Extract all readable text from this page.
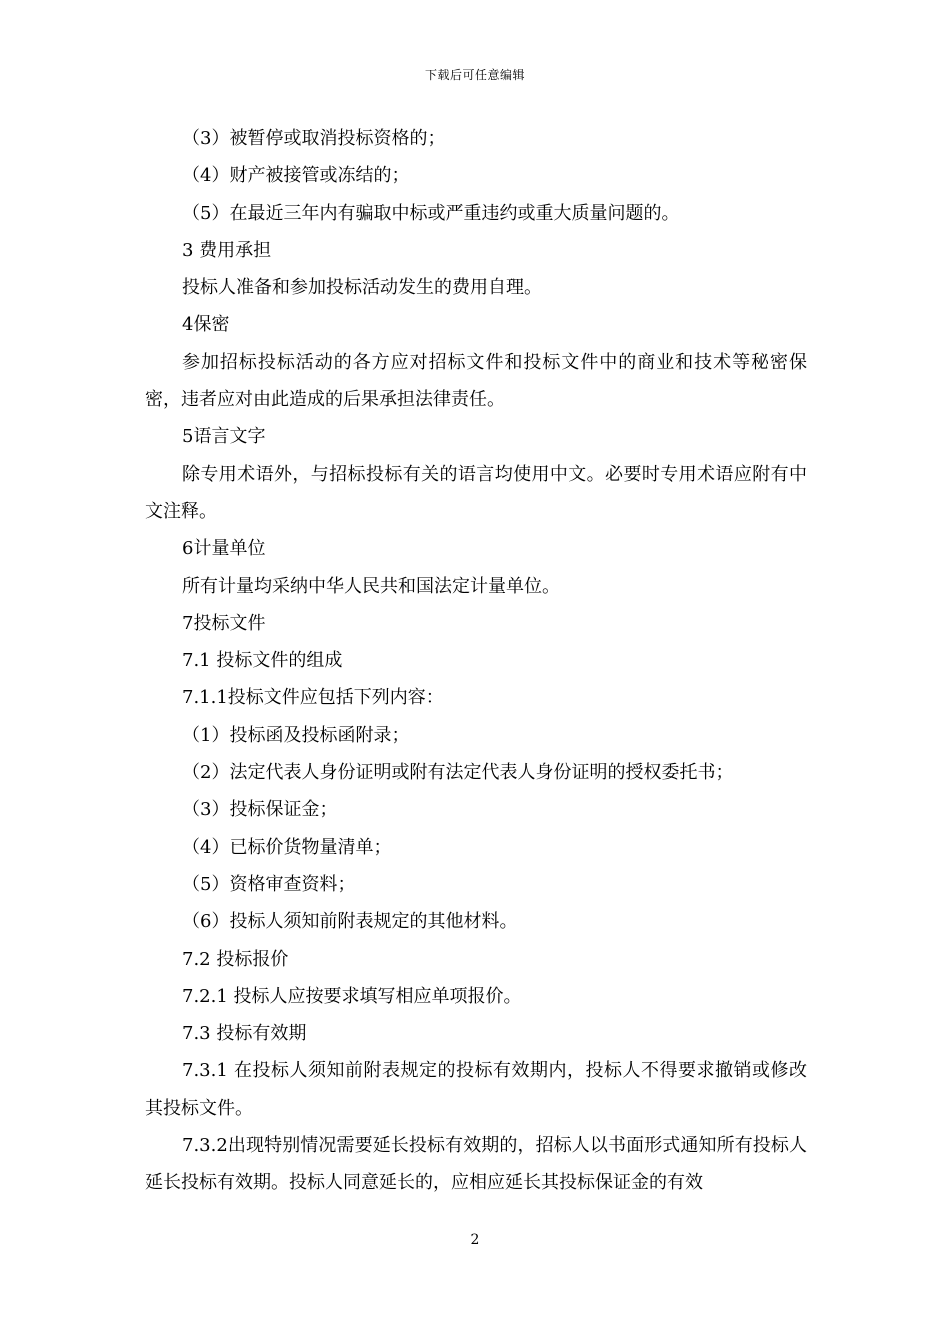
下载后可任意编辑

（3）被暂停或取消投标资格的；

（4）财产被接管或冻结的；

（5）在最近三年内有骗取中标或严重违约或重大质量问题的。

3 费用承担

投标人准备和参加投标活动发生的费用自理。

4保密

参加招标投标活动的各方应对招标文件和投标文件中的商业和技术等秘密保密，违者应对由此造成的后果承担法律责任。

5语言文字

除专用术语外，与招标投标有关的语言均使用中文。必要时专用术语应附有中文注释。

6计量单位

所有计量均采纳中华人民共和国法定计量单位。

7投标文件

7.1 投标文件的组成

7.1.1投标文件应包括下列内容：

（1）投标函及投标函附录；

（2）法定代表人身份证明或附有法定代表人身份证明的授权委托书；

（3）投标保证金；

（4）已标价货物量清单；

（5）资格审查资料；

（6）投标人须知前附表规定的其他材料。

7.2 投标报价

7.2.1 投标人应按要求填写相应单项报价。

7.3 投标有效期

7.3.1 在投标人须知前附表规定的投标有效期内，投标人不得要求撤销或修改其投标文件。

7.3.2出现特别情况需要延长投标有效期的，招标人以书面形式通知所有投标人延长投标有效期。投标人同意延长的，应相应延长其投标保证金的有效

2
